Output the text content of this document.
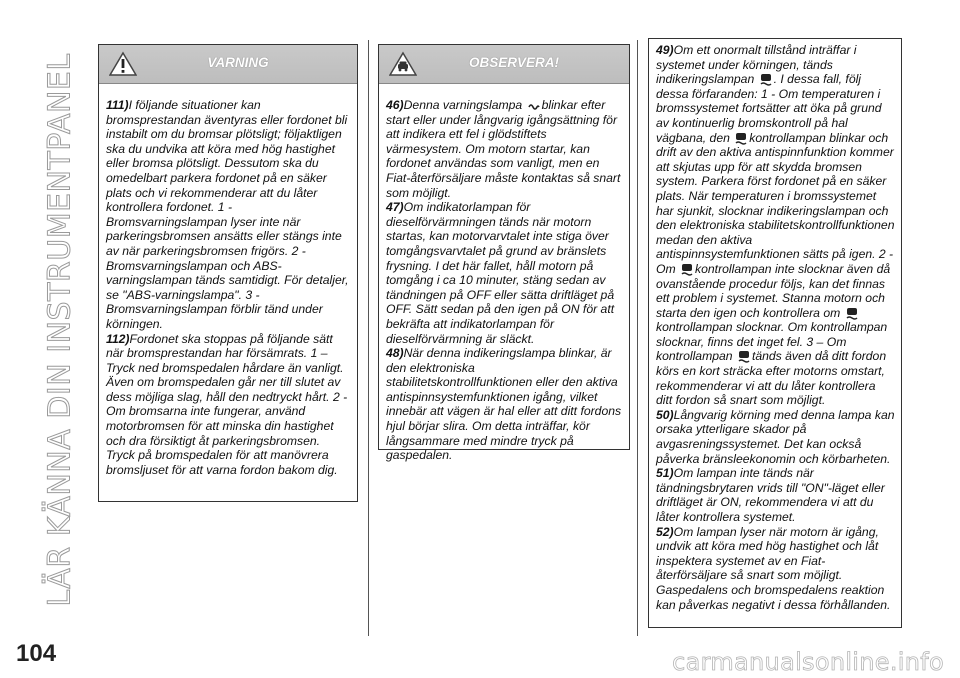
LÄR KÄNNA DIN INSTRUMENTPANEL	VARNING

111)I följande situationer kan bromsprestandan äventyras eller fordonet bli instabilt om du bromsar plötsligt; följaktligen ska du undvika att köra med hög hastighet eller bromsa plötsligt. Dessutom ska du omedelbart parkera fordonet på en säker plats och vi rekommenderar att du låter kontrollera fordonet. 1 - Bromsvarningslampan lyser inte när parkeringsbromsen ansätts eller stängs inte av när parkeringsbromsen frigörs. 2 - Bromsvarningslampan och ABS-varningslampan tänds samtidigt. För detaljer, se "ABS-varningslampa". 3 - Bromsvarningslampan förblir tänd under körningen.

112)Fordonet ska stoppas på följande sätt när bromsprestandan har försämrats. 1 – Tryck ned bromspedalen hårdare än vanligt. Även om bromspedalen går ner till slutet av dess möjliga slag, håll den nedtryckt hårt. 2 - Om bromsarna inte fungerar, använd motorbromsen för att minska din hastighet och dra försiktigt åt parkeringsbromsen. Tryck på bromspedalen för att manövrera bromsljuset för att varna fordon bakom dig.

OBSERVERA!

46)Denna varningslampa blinkar efter start eller under långvarig igångsättning för att indikera ett fel i glödstiftets värmesystem. Om motorn startar, kan fordonet användas som vanligt, men en Fiat-återförsäljare måste kontaktas så snart som möjligt.

47)Om indikatorlampan för dieselförvärmningen tänds när motorn startas, kan motorvarvtalet inte stiga över tomgångsvarvtalet på grund av bränslets frysning. I det här fallet, håll motorn på tomgång i ca 10 minuter, stäng sedan av tändningen på OFF eller sätta driftläget på OFF. Sätt sedan på den igen på ON för att bekräfta att indikatorlampan för dieselförvärmning är släckt.

48)När denna indikeringslampa blinkar, är den elektroniska stabilitetskontrollfunktionen eller den aktiva antispinnsystemfunktionen igång, vilket innebär att vägen är hal eller att ditt fordons hjul börjar slira. Om detta inträffar, kör långsammare med mindre tryck på gaspedalen.

49)Om ett onormalt tillstånd inträffar i systemet under körningen, tänds indikeringslampan . I dessa fall, följ dessa förfaranden: 1 - Om temperaturen i bromssystemet fortsätter att öka på grund av kontinuerlig bromskontroll på hal vägbana, den kontrollampan blinkar och drift av den aktiva antispinnfunktion kommer att skjutas upp för att skydda bromsen system. Parkera först fordonet på en säker plats. När temperaturen i bromssystemet har sjunkit, slocknar indikeringslampan och den elektroniska stabilitetskontrollfunktionen medan den aktiva antispinnsystemfunktionen sätts på igen. 2 - Om kontrollampan inte slocknar även då ovanstående procedur följs, kan det finnas ett problem i systemet. Stanna motorn och starta den igen och kontrollera om kontrollampan slocknar. Om kontrollampan slocknar, finns det inget fel. 3 – Om kontrollampan tänds även då ditt fordon körs en kort sträcka efter motorns omstart, rekommenderar vi att du låter kontrollera ditt fordon så snart som möjligt.

50)Långvarig körning med denna lampa kan orsaka ytterligare skador på avgasreningssystemet. Det kan också påverka bränsleekonomin och körbarheten.

51)Om lampan inte tänds när tändningsbrytaren vrids till "ON"-läget eller driftläget är ON, rekommendera vi att du låter kontrollera systemet.

52)Om lampan lyser när motorn är igång, undvik att köra med hög hastighet och låt inspektera systemet av en Fiat-återförsäljare så snart som möjligt. Gaspedalens och bromspedalens reaktion kan påverkas negativt i dessa förhållanden.

104	carmanualsonline.info
